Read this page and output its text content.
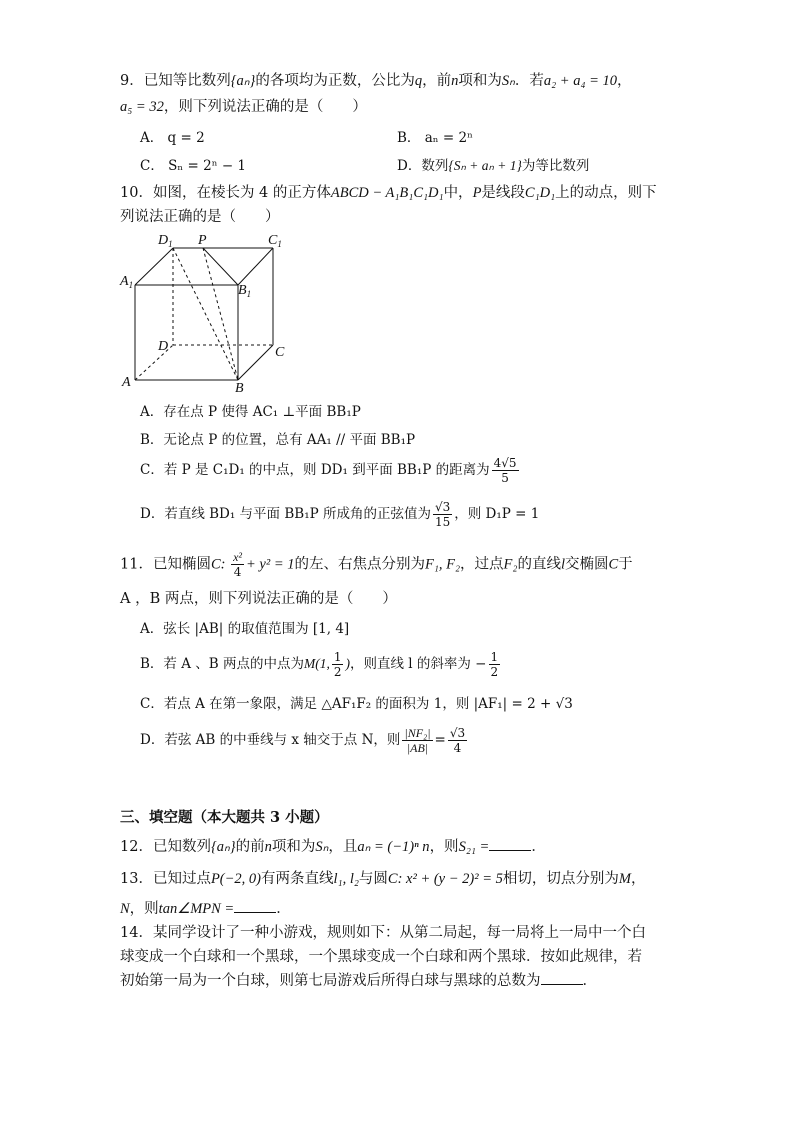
9．已知等比数列{aₙ}的各项均为正数，公比为q，前n项和为Sₙ．若a₂ + a₄ = 10，
a₅ = 32，则下列说法正确的是（　　）
A． q = 2	B． aₙ = 2ⁿ
C． Sₙ = 2ⁿ − 1	D．数列{Sₙ + aₙ + 1}为等比数列
10．如图，在棱长为 4 的正方体ABCD − A₁B₁C₁D₁中，P是线段C₁D₁上的动点，则下
列说法正确的是（　　）
$D_1$ P	$C_1$
$A_1$	$B_1$
D	C
A	B
A．存在点 P 使得 AC₁ ⊥平面 BB₁P
B．无论点 P 的位置，总有 AA₁ // 平面 BB₁P
C．若 P 是 C₁D₁ 的中点，则 DD₁ 到平面 BB₁P 的距离为 $\frac{4√5}{5}$
D．若直线 BD₁ 与平面 BB₁P 所成角的正弦值为 $\frac{√3}{15}$ ，则 D₁P = 1
11．已知椭圆C: $\frac{\text{x²}}{4} + y^2 = 1$的左、右焦点分别为F₁, F₂，过点F₂的直线l交椭圆C于
A ，B 两点，则下列说法正确的是（　　）
A．弦长 |AB| 的取值范围为 [1, 4]
B．若 A 、B 两点的中点为M(1, $\frac{1}{2}$ )，则直线 l 的斜率为 − $\frac{1}{2}$
C．若点 A 在第一象限，满足 △AF₁F₂ 的面积为 1，则 |AF₁| = 2 + √3
D．若弦 AB 的中垂线与 x 轴交于点 N，则 $\frac{\text{|NF₂|}}{|AB|} = \frac{√3}{4}$
三、填空题（本大题共 3 小题）
12．已知数列{aₙ}的前n项和为Sₙ，且aₙ = (−1)ⁿ n，则S₂₁ =	．
13．已知过点P(−2, 0)有两条直线l₁, l₂与圆C: x² + (y − 2)² = 5相切，切点分别为M，
N，则tan∠MPN =	．
14．某同学设计了一种小游戏，规则如下：从第二局起，每一局将上一局中一个白
球变成一个白球和一个黑球，一个黑球变成一个白球和两个黑球．按如此规律，若
初始第一局为一个白球，则第七局游戏后所得白球与黑球的总数为	．
